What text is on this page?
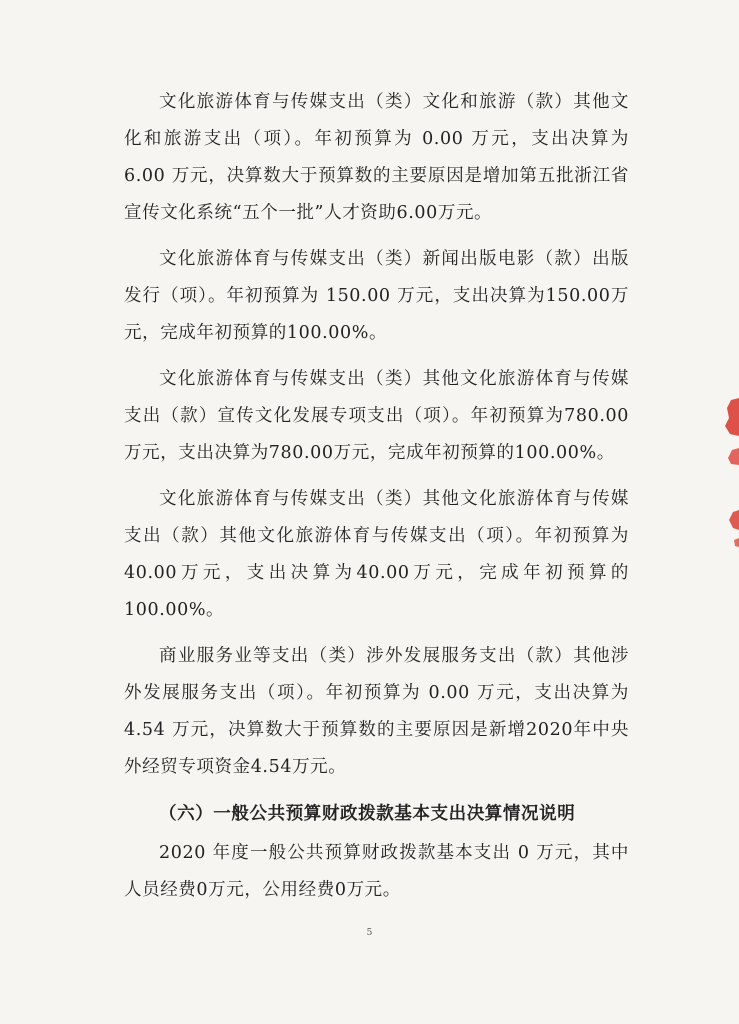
文化旅游体育与传媒支出（类）文化和旅游（款）其他文化和旅游支出（项）。年初预算为 0.00 万元，支出决算为 6.00 万元，决算数大于预算数的主要原因是增加第五批浙江省宣传文化系统“五个一批”人才资助6.00万元。

文化旅游体育与传媒支出（类）新闻出版电影（款）出版发行（项）。年初预算为 150.00 万元，支出决算为150.00万元，完成年初预算的100.00%。

文化旅游体育与传媒支出（类）其他文化旅游体育与传媒支出（款）宣传文化发展专项支出（项）。年初预算为780.00万元，支出决算为780.00万元，完成年初预算的100.00%。

文化旅游体育与传媒支出（类）其他文化旅游体育与传媒支出（款）其他文化旅游体育与传媒支出（项）。年初预算为40.00万元，支出决算为40.00万元，完成年初预算的100.00%。

商业服务业等支出（类）涉外发展服务支出（款）其他涉外发展服务支出（项）。年初预算为 0.00 万元，支出决算为 4.54 万元，决算数大于预算数的主要原因是新增2020年中央外经贸专项资金4.54万元。

（六）一般公共预算财政拨款基本支出决算情况说明

2020 年度一般公共预算财政拨款基本支出 0 万元，其中人员经费0万元，公用经费0万元。

5
